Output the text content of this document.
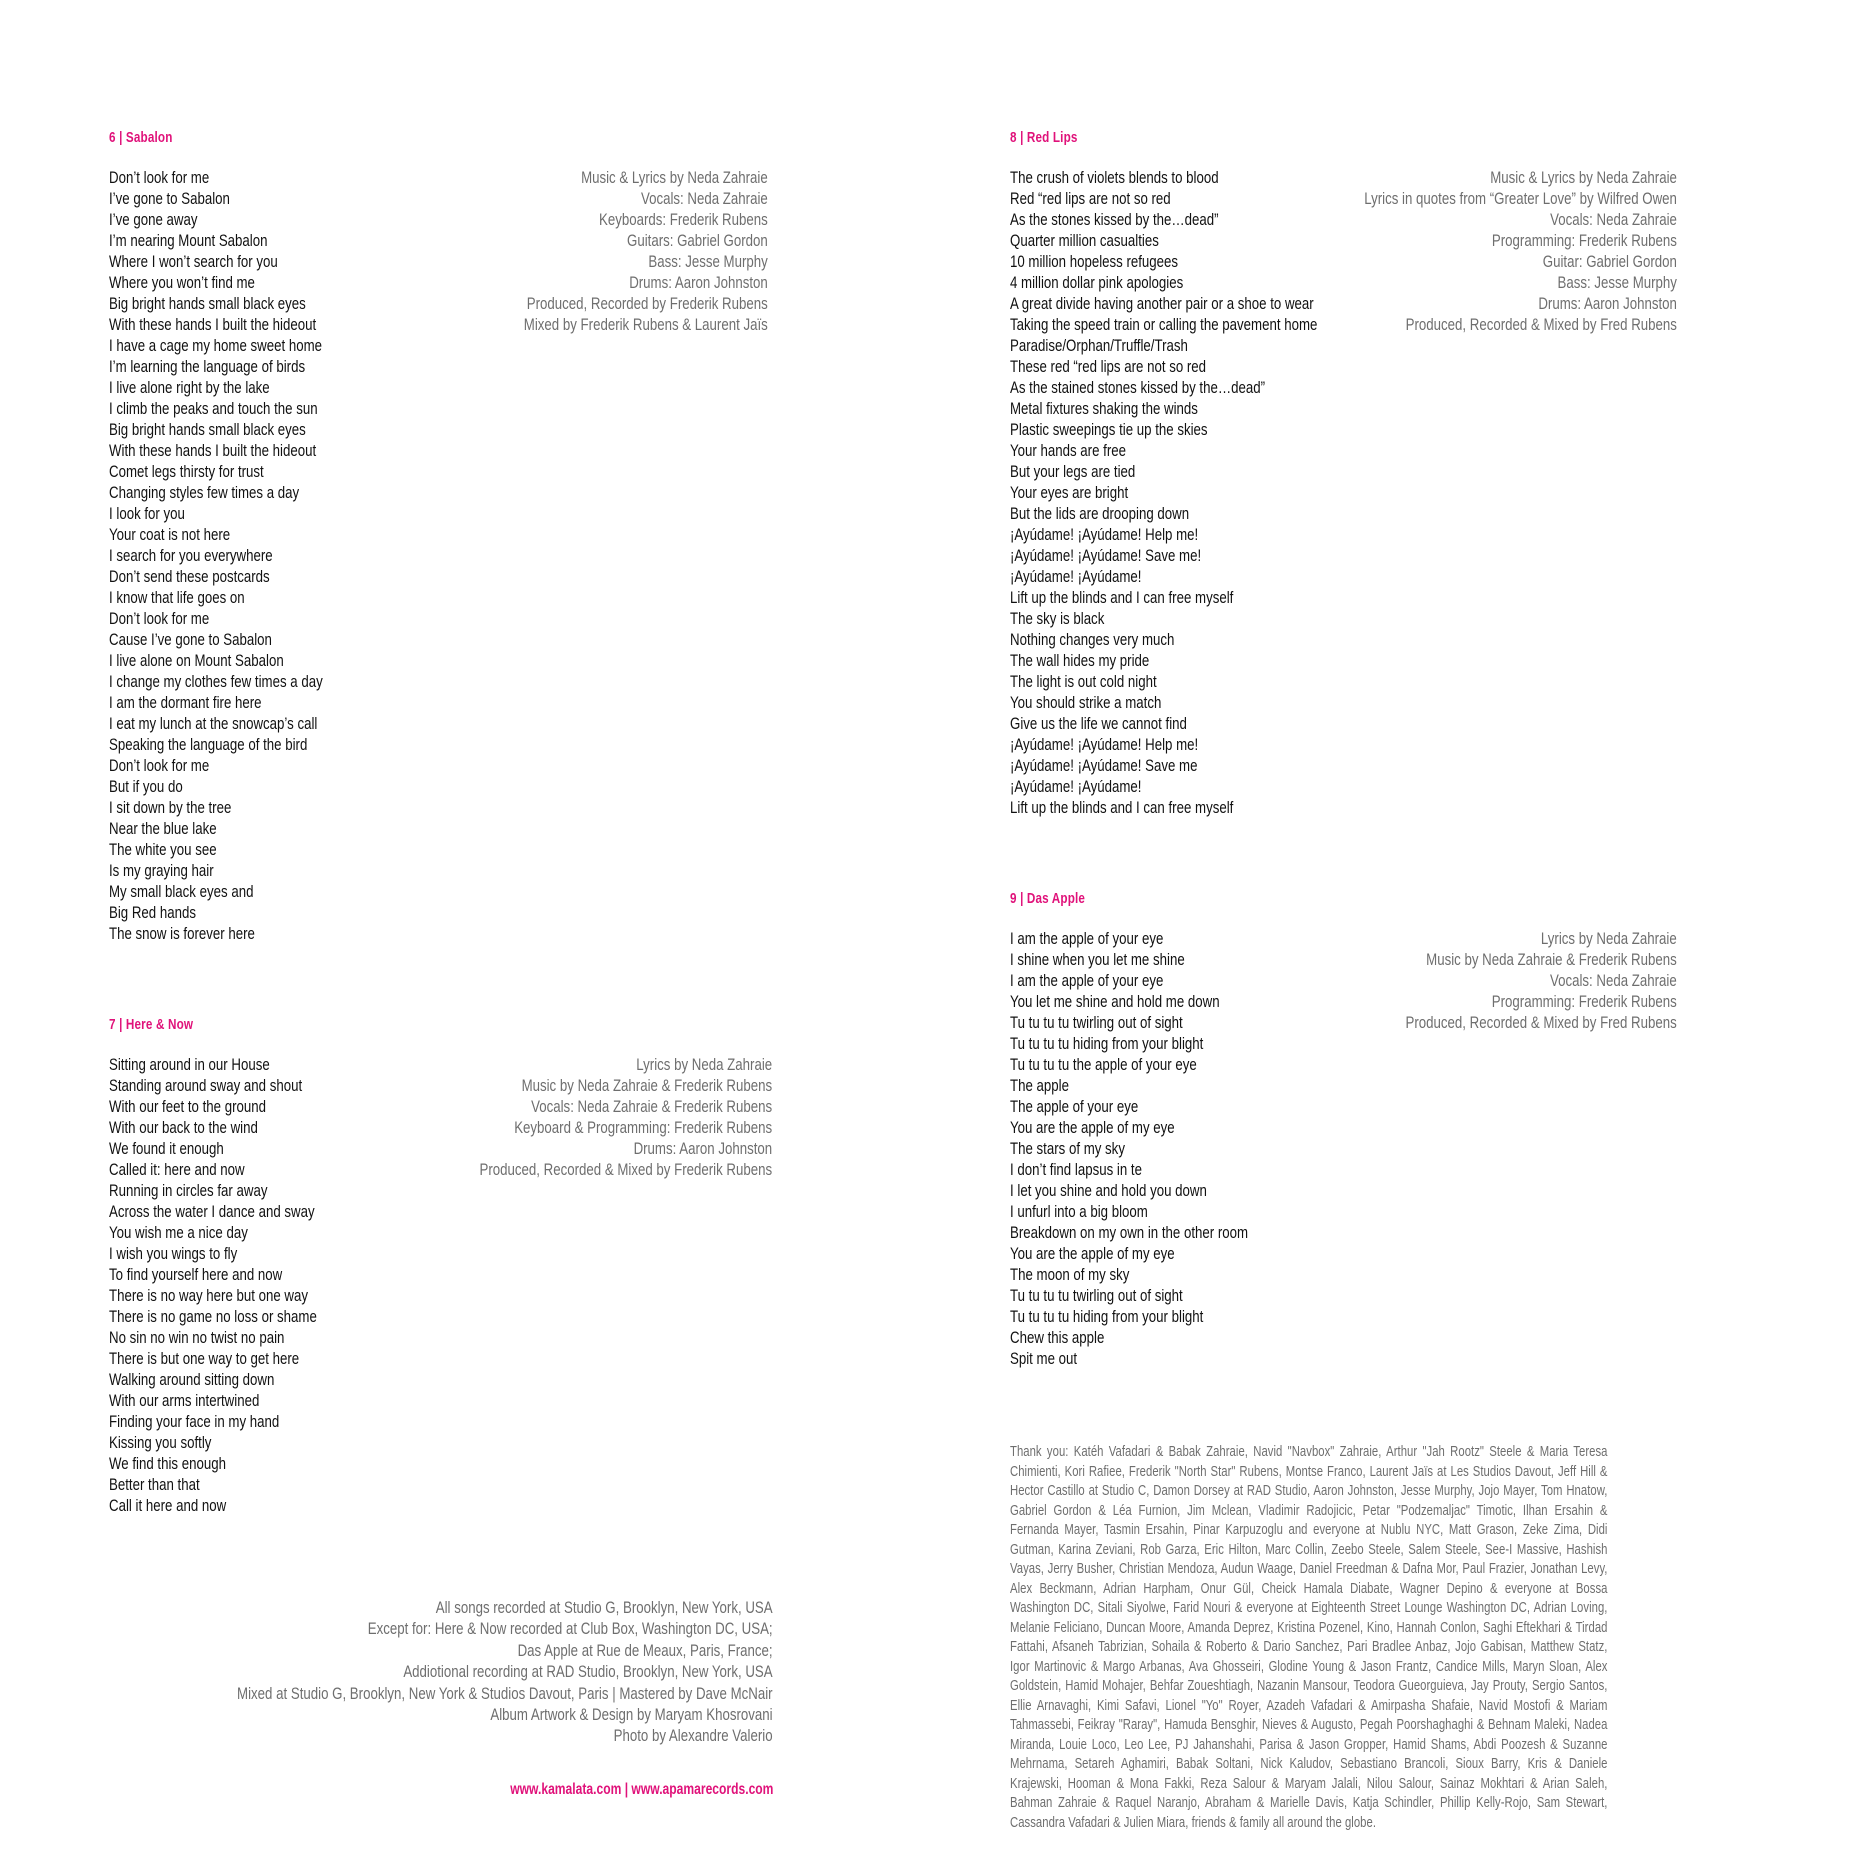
6 | Sabalon
Don’t look for me
I’ve gone to Sabalon
I’ve gone away
I’m nearing Mount Sabalon
Where I won’t search for you
Where you won’t find me
Big bright hands small black eyes
With these hands I built the hideout
I have a cage my home sweet home
I’m learning the language of birds
I live alone right by the lake
I climb the peaks and touch the sun
Big bright hands small black eyes
With these hands I built the hideout
Comet legs thirsty for trust
Changing styles few times a day
I look for you
Your coat is not here
I search for you everywhere
Don’t send these postcards
I know that life goes on
Don’t look for me
Cause I’ve gone to Sabalon
I live alone on Mount Sabalon
I change my clothes few times a day
I am the dormant fire here
I eat my lunch at the snowcap’s call
Speaking the language of the bird
Don’t look for me
But if you do
I sit down by the tree
Near the blue lake
The white you see
Is my graying hair
My small black eyes and
Big Red hands
The snow is forever here
Music & Lyrics by Neda Zahraie
Vocals: Neda Zahraie
Keyboards: Frederik Rubens
Guitars: Gabriel Gordon
Bass: Jesse Murphy
Drums: Aaron Johnston
Produced, Recorded by Frederik Rubens
Mixed by Frederik Rubens & Laurent Jaïs
7 | Here & Now
Sitting around in our House
Standing around sway and shout
With our feet to the ground
With our back to the wind
We found it enough
Called it: here and now
Running in circles far away
Across the water I dance and sway
You wish me a nice day
I wish you wings to fly
To find yourself here and now
There is no way here but one way
There is no game no loss or shame
No sin no win no twist no pain
There is but one way to get here
Walking around sitting down
With our arms intertwined
Finding your face in my hand
Kissing you softly
We find this enough
Better than that
Call it here and now
Lyrics by Neda Zahraie
Music by Neda Zahraie & Frederik Rubens
Vocals: Neda Zahraie & Frederik Rubens
Keyboard & Programming: Frederik Rubens
Drums: Aaron Johnston
Produced, Recorded & Mixed by Frederik Rubens
8 | Red Lips
The crush of violets blends to blood
Red “red lips are not so red
As the stones kissed by the…dead”
Quarter million casualties
10 million hopeless refugees
4 million dollar pink apologies
A great divide having another pair or a shoe to wear
Taking the speed train or calling the pavement home
Paradise/Orphan/Truffle/Trash
These red “red lips are not so red
As the stained stones kissed by the…dead”
Metal fixtures shaking the winds
Plastic sweepings tie up the skies
Your hands are free
But your legs are tied
Your eyes are bright
But the lids are drooping down
¡Ayúdame! ¡Ayúdame! Help me!
¡Ayúdame! ¡Ayúdame! Save me!
¡Ayúdame! ¡Ayúdame!
Lift up the blinds and I can free myself
The sky is black
Nothing changes very much
The wall hides my pride
The light is out cold night
You should strike a match
Give us the life we cannot find
¡Ayúdame! ¡Ayúdame! Help me!
¡Ayúdame! ¡Ayúdame! Save me
¡Ayúdame! ¡Ayúdame!
Lift up the blinds and I can free myself
Music & Lyrics by Neda Zahraie
Lyrics in quotes from “Greater Love” by Wilfred Owen
Vocals: Neda Zahraie
Programming: Frederik Rubens
Guitar: Gabriel Gordon
Bass: Jesse Murphy
Drums: Aaron Johnston
Produced, Recorded & Mixed by Fred Rubens
9 | Das Apple
I am the apple of your eye
I shine when you let me shine
I am the apple of your eye
You let me shine and hold me down
Tu tu tu tu twirling out of sight
Tu tu tu tu hiding from your blight
Tu tu tu tu the apple of your eye
The apple
The apple of your eye
You are the apple of my eye
The stars of my sky
I don’t find lapsus in te
I let you shine and hold you down
I unfurl into a big bloom
Breakdown on my own in the other room
You are the apple of my eye
The moon of my sky
Tu tu tu tu twirling out of sight
Tu tu tu tu hiding from your blight
Chew this apple
Spit me out
Lyrics by Neda Zahraie
Music by Neda Zahraie & Frederik Rubens
Vocals: Neda Zahraie
Programming: Frederik Rubens
Produced, Recorded & Mixed by Fred Rubens
All songs recorded at Studio G, Brooklyn, New York, USA
Except for: Here & Now recorded at Club Box, Washington DC, USA;
Das Apple at Rue de Meaux, Paris, France;
Addiotional recording at RAD Studio, Brooklyn, New York, USA
Mixed at Studio G, Brooklyn, New York & Studios Davout, Paris | Mastered by Dave McNair
Album Artwork & Design by Maryam Khosrovani
Photo by Alexandre Valerio
www.kamalata.com | www.apamarecords.com
Thank you: Katéh Vafadari & Babak Zahraie, Navid "Navbox" Zahraie, Arthur "Jah Rootz" Steele & Maria Teresa Chimienti, Kori Rafiee, Frederik "North Star" Rubens, Montse Franco, Laurent Jaïs at Les Studios Davout, Jeff Hill & Hector Castillo at Studio C, Damon Dorsey at RAD Studio, Aaron Johnston, Jesse Murphy, Jojo Mayer, Tom Hnatow, Gabriel Gordon & Léa Furnion, Jim Mclean, Vladimir Radojicic, Petar "Podzemaljac" Timotic, Ilhan Ersahin & Fernanda Mayer, Tasmin Ersahin, Pinar Karpuzoglu and everyone at Nublu NYC, Matt Grason, Zeke Zima, Didi Gutman, Karina Zeviani, Rob Garza, Eric Hilton, Marc Collin, Zeebo Steele, Salem Steele, See-I Massive, Hashish Vayas, Jerry Busher, Christian Mendoza, Audun Waage, Daniel Freedman & Dafna Mor, Paul Frazier, Jonathan Levy, Alex Beckmann, Adrian Harpham, Onur Gül, Cheick Hamala Diabate, Wagner Depino & everyone at Bossa Washington DC, Sitali Siyolwe, Farid Nouri & everyone at Eighteenth Street Lounge Washington DC, Adrian Loving, Melanie Feliciano, Duncan Moore, Amanda Deprez, Kristina Pozenel, Kino, Hannah Conlon, Saghi Eftekhari & Tirdad Fattahi, Afsaneh Tabrizian, Sohaila & Roberto & Dario Sanchez, Pari Bradlee Anbaz, Jojo Gabisan, Matthew Statz, Igor Martinovic & Margo Arbanas, Ava Ghosseiri, Glodine Young & Jason Frantz, Candice Mills, Maryn Sloan, Alex Goldstein, Hamid Mohajer, Behfar Zoueshtiagh, Nazanin Mansour, Teodora Gueorguieva, Jay Prouty, Sergio Santos, Ellie Arnavaghi, Kimi Safavi, Lionel "Yo" Royer, Azadeh Vafadari & Amirpasha Shafaie, Navid Mostofi & Mariam Tahmassebi, Feikray "Raray", Hamuda Bensghir, Nieves & Augusto, Pegah Poorshaghaghi & Behnam Maleki, Nadea Miranda, Louie Loco, Leo Lee, PJ Jahanshahi, Parisa & Jason Gropper, Hamid Shams, Abdi Poozesh & Suzanne Mehrnama, Setareh Aghamiri, Babak Soltani, Nick Kaludov, Sebastiano Brancoli, Sioux Barry, Kris & Daniele Krajewski, Hooman & Mona Fakki, Reza Salour & Maryam Jalali, Nilou Salour, Sainaz Mokhtari & Arian Saleh, Bahman Zahraie & Raquel Naranjo, Abraham & Marielle Davis, Katja Schindler, Phillip Kelly-Rojo, Sam Stewart, Cassandra Vafadari & Julien Miara, friends & family all around the globe.
